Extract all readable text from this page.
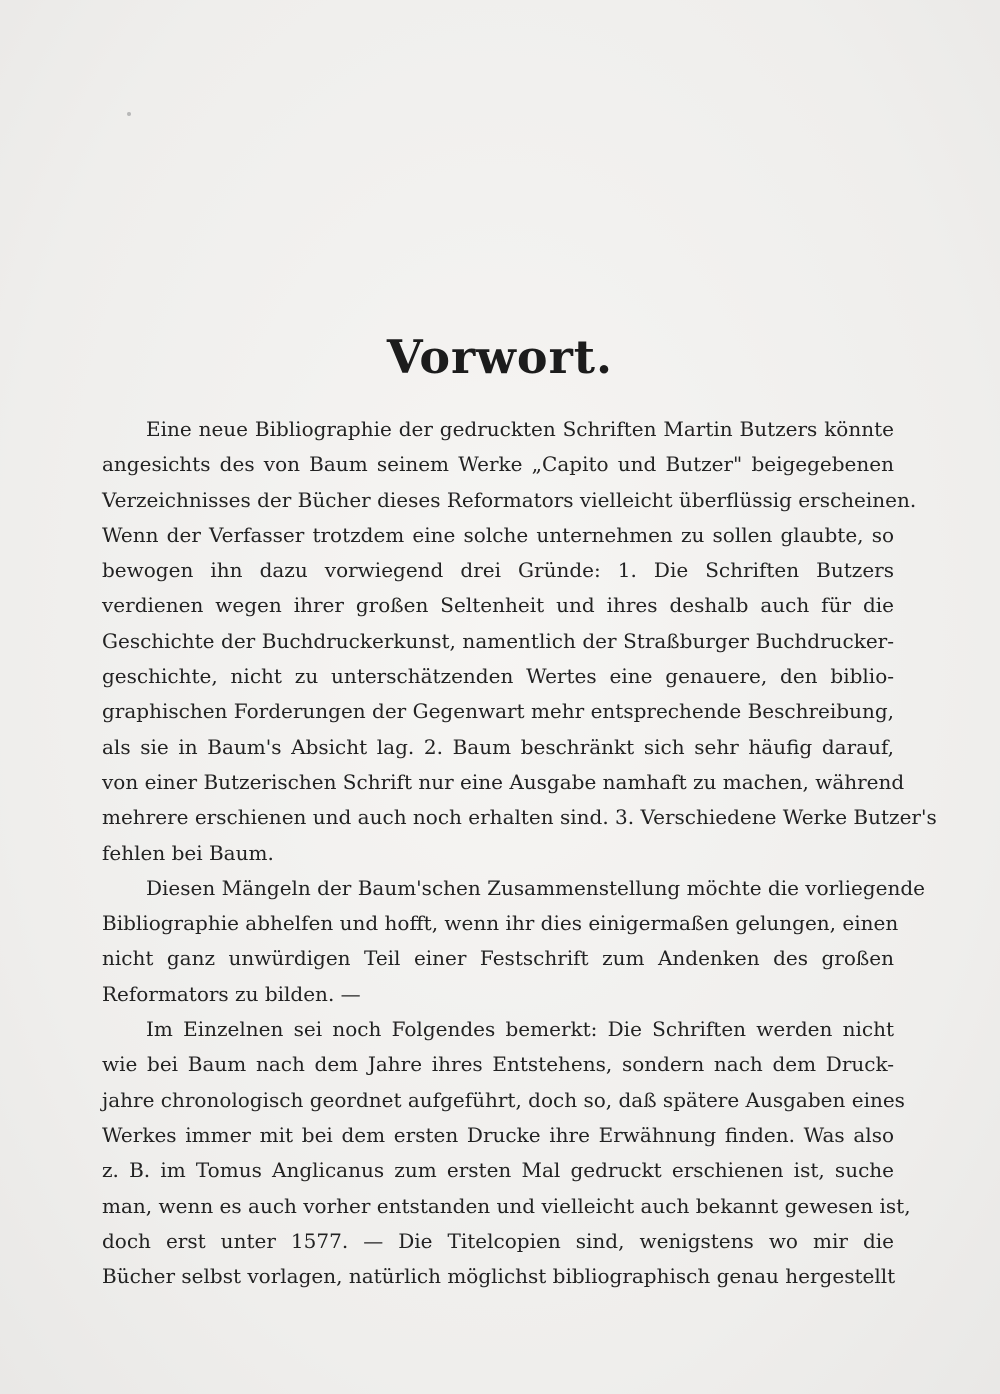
Vorwort.
Eine neue Bibliographie der gedruckten Schriften Martin Butzers könnte
angesichts des von Baum seinem Werke „Capito und Butzer" beigegebenen
Verzeichnisses der Bücher dieses Reformators vielleicht überflüssig erscheinen.
Wenn der Verfasser trotzdem eine solche unternehmen zu sollen glaubte, so
bewogen ihn dazu vorwiegend drei Gründe: 1. Die Schriften Butzers
verdienen wegen ihrer großen Seltenheit und ihres deshalb auch für die
Geschichte der Buchdruckerkunst, namentlich der Straßburger Buchdrucker-
geschichte, nicht zu unterschätzenden Wertes eine genauere, den biblio-
graphischen Forderungen der Gegenwart mehr entsprechende Beschreibung,
als sie in Baum's Absicht lag. 2. Baum beschränkt sich sehr häufig darauf,
von einer Butzerischen Schrift nur eine Ausgabe namhaft zu machen, während
mehrere erschienen und auch noch erhalten sind. 3. Verschiedene Werke Butzer's
fehlen bei Baum.
Diesen Mängeln der Baum'schen Zusammenstellung möchte die vorliegende
Bibliographie abhelfen und hofft, wenn ihr dies einigermaßen gelungen, einen
nicht ganz unwürdigen Teil einer Festschrift zum Andenken des großen
Reformators zu bilden. —
Im Einzelnen sei noch Folgendes bemerkt: Die Schriften werden nicht
wie bei Baum nach dem Jahre ihres Entstehens, sondern nach dem Druck-
jahre chronologisch geordnet aufgeführt, doch so, daß spätere Ausgaben eines
Werkes immer mit bei dem ersten Drucke ihre Erwähnung finden. Was also
z. B. im Tomus Anglicanus zum ersten Mal gedruckt erschienen ist, suche
man, wenn es auch vorher entstanden und vielleicht auch bekannt gewesen ist,
doch erst unter 1577. — Die Titelcopien sind, wenigstens wo mir die
Bücher selbst vorlagen, natürlich möglichst bibliographisch genau hergestellt
